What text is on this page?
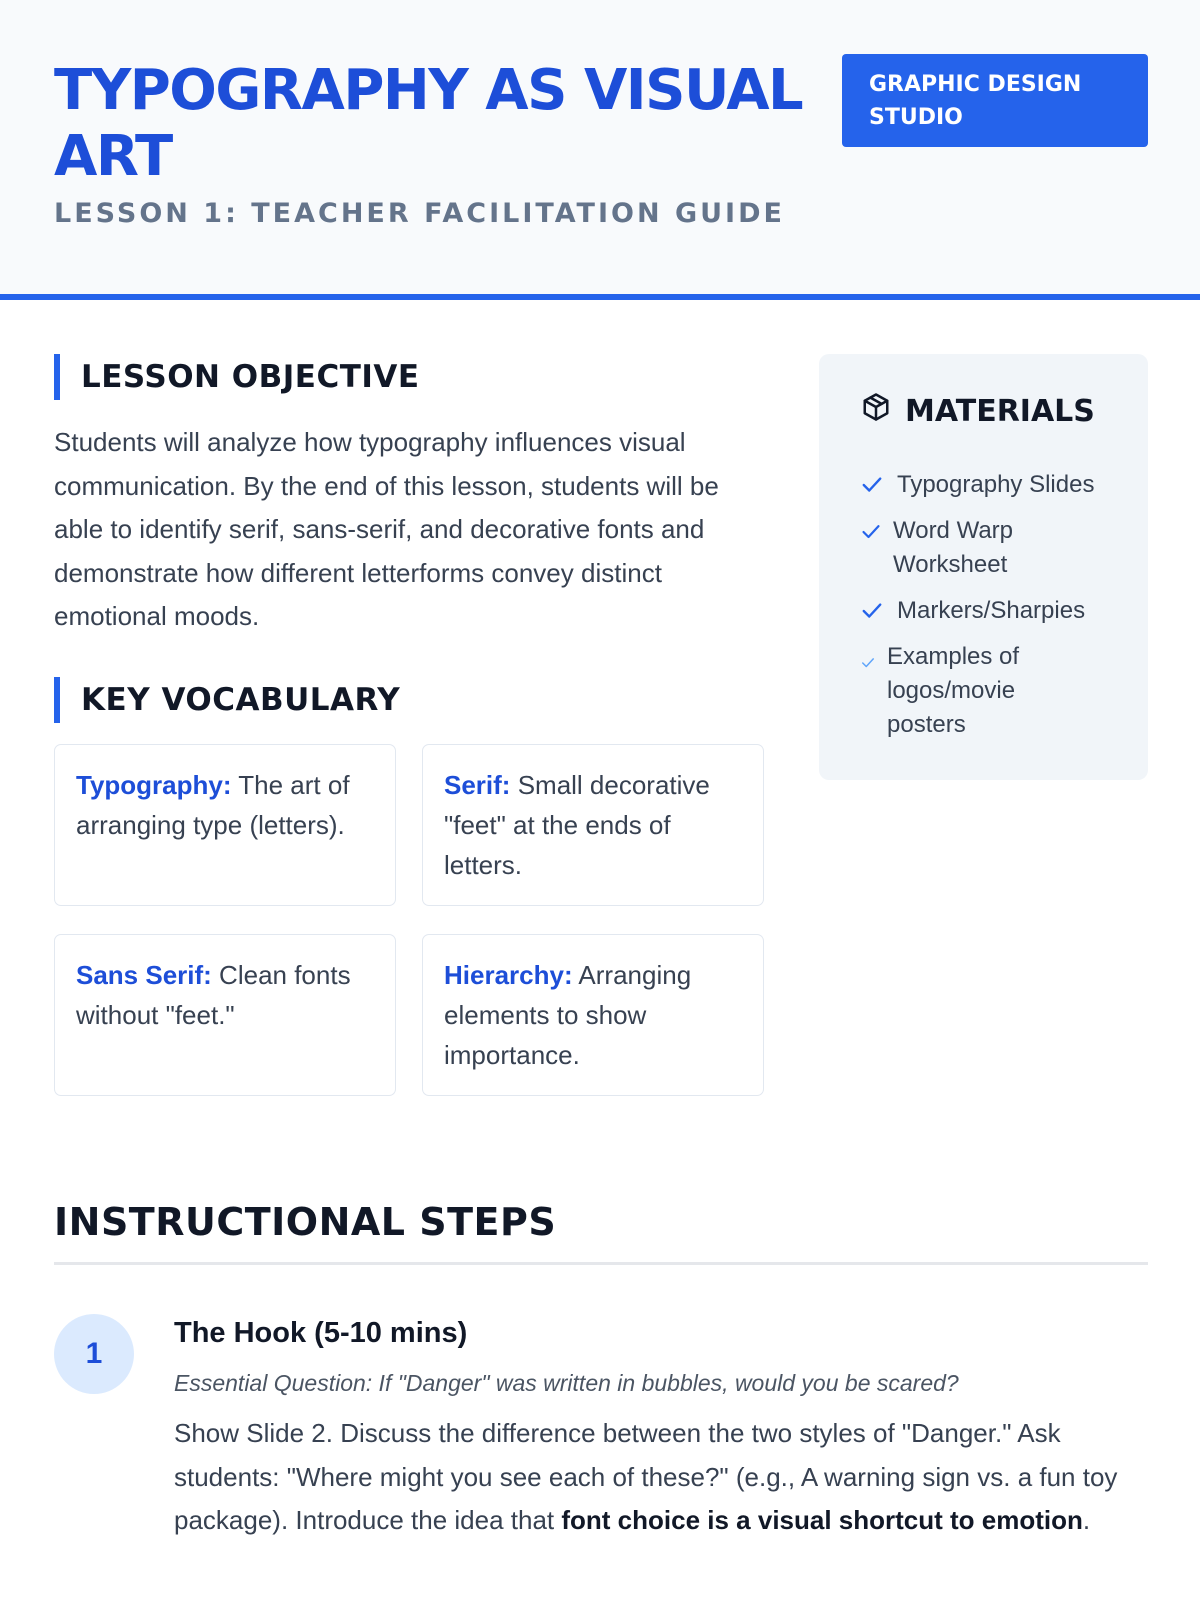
TYPOGRAPHY AS VISUAL ART

LESSON 1: TEACHER FACILITATION GUIDE

GRAPHIC DESIGN STUDIO
LESSON OBJECTIVE

Students will analyze how typography influences visual communication. By the end of this lesson, students will be able to identify serif, sans-serif, and decorative fonts and demonstrate how different letterforms convey distinct emotional moods.

KEY VOCABULARY
Typography: The art of arranging type (letters).
Serif: Small decorative "feet" at the ends of letters.
Sans Serif: Clean fonts without "feet."
Hierarchy: Arranging elements to show importance.
MATERIALS
Typography Slides
Word Warp Worksheet
Markers/Sharpies
Examples of logos/movie posters
INSTRUCTIONAL STEPS
1
The Hook (5-10 mins)

Essential Question: If "Danger" was written in bubbles, would you be scared?

Show Slide 2. Discuss the difference between the two styles of "Danger." Ask students: "Where might you see each of these?" (e.g., A warning sign vs. a fun toy package). Introduce the idea that font choice is a visual shortcut to emotion.
